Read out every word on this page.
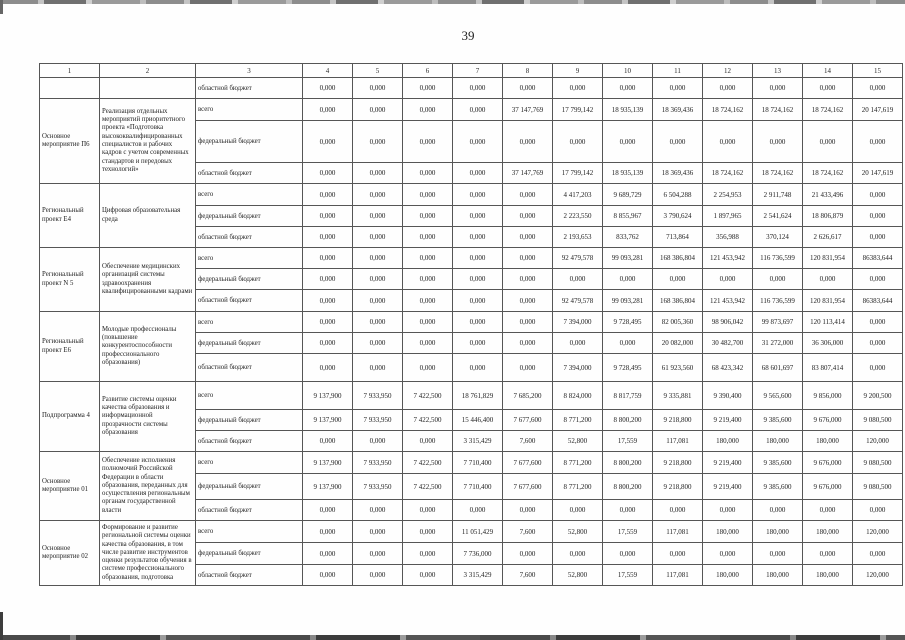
39
1	2	3	4	5	6	7	8	9	10	11	12	13	14	15
		областной бюджет	0,000	0,000	0,000	0,000	0,000	0,000	0,000	0,000	0,000	0,000	0,000	0,000
Основное мероприятие П6	Реализация отдельных мероприятий приоритетного проекта «Подготовка высококвалифицированных специалистов и рабочих кадров с учетом современных стандартов и передовых технологий»	всего	0,000	0,000	0,000	0,000	37 147,769	17 799,142	18 935,139	18 369,436	18 724,162	18 724,162	18 724,162	20 147,619
		федеральный бюджет	0,000	0,000	0,000	0,000	0,000	0,000	0,000	0,000	0,000	0,000	0,000	0,000
		областной бюджет	0,000	0,000	0,000	0,000	37 147,769	17 799,142	18 935,139	18 369,436	18 724,162	18 724,162	18 724,162	20 147,619
Региональный проект Е4	Цифровая образовательная среда	всего	0,000	0,000	0,000	0,000	0,000	4 417,203	9 689,729	6 504,288	2 254,953	2 911,748	21 433,496	0,000
		федеральный бюджет	0,000	0,000	0,000	0,000	0,000	2 223,550	8 855,967	3 790,624	1 897,965	2 541,624	18 806,879	0,000
		областной бюджет	0,000	0,000	0,000	0,000	0,000	2 193,653	833,762	713,864	356,988	370,124	2 626,617	0,000
Региональный проект N 5	Обеспечение медицинских организаций системы здравоохранения квалифицированными кадрами	всего	0,000	0,000	0,000	0,000	0,000	92 479,578	99 093,281	168 386,804	121 453,942	116 736,599	120 831,954	86383,644
		федеральный бюджет	0,000	0,000	0,000	0,000	0,000	0,000	0,000	0,000	0,000	0,000	0,000	0,000
		областной бюджет	0,000	0,000	0,000	0,000	0,000	92 479,578	99 093,281	168 386,804	121 453,942	116 736,599	120 831,954	86383,644
Региональный проект Е6	Молодые профессионалы (повышение конкурентоспособности профессионального образования)	всего	0,000	0,000	0,000	0,000	0,000	7 394,000	9 728,495	82 005,360	98 906,042	99 873,697	120 113,414	0,000
		федеральный бюджет	0,000	0,000	0,000	0,000	0,000	0,000	0,000	20 082,000	30 482,700	31 272,000	36 306,000	0,000
		областной бюджет	0,000	0,000	0,000	0,000	0,000	7 394,000	9 728,495	61 923,560	68 423,342	68 601,697	83 807,414	0,000
Подпрограмма 4	Развитие системы оценки качества образования и информационной прозрачности системы образования	всего	9 137,900	7 933,950	7 422,500	18 761,829	7 685,200	8 824,000	8 817,759	9 335,881	9 390,400	9 565,600	9 856,000	9 200,500
		федеральный бюджет	9 137,900	7 933,950	7 422,500	15 446,400	7 677,600	8 771,200	8 800,200	9 218,800	9 219,400	9 385,600	9 676,000	9 080,500
		областной бюджет	0,000	0,000	0,000	3 315,429	7,600	52,800	17,559	117,081	180,000	180,000	180,000	120,000
Основное мероприятие 01	Обеспечение исполнения полномочий Российской Федерации в области образования, переданных для осуществления региональным органам государственной власти	всего	9 137,900	7 933,950	7 422,500	7 710,400	7 677,600	8 771,200	8 800,200	9 218,800	9 219,400	9 385,600	9 676,000	9 080,500
		федеральный бюджет	9 137,900	7 933,950	7 422,500	7 710,400	7 677,600	8 771,200	8 800,200	9 218,800	9 219,400	9 385,600	9 676,000	9 080,500
		областной бюджет	0,000	0,000	0,000	0,000	0,000	0,000	0,000	0,000	0,000	0,000	0,000	0,000
Основное мероприятие 02	Формирование и развитие региональной системы оценки качества образования, в том числе развитие инструментов оценки результатов обучения в системе профессионального образования, подготовка	всего	0,000	0,000	0,000	11 051,429	7,600	52,800	17,559	117,081	180,000	180,000	180,000	120,000
		федеральный бюджет	0,000	0,000	0,000	7 736,000	0,000	0,000	0,000	0,000	0,000	0,000	0,000	0,000
		областной бюджет	0,000	0,000	0,000	3 315,429	7,600	52,800	17,559	117,081	180,000	180,000	180,000	120,000
